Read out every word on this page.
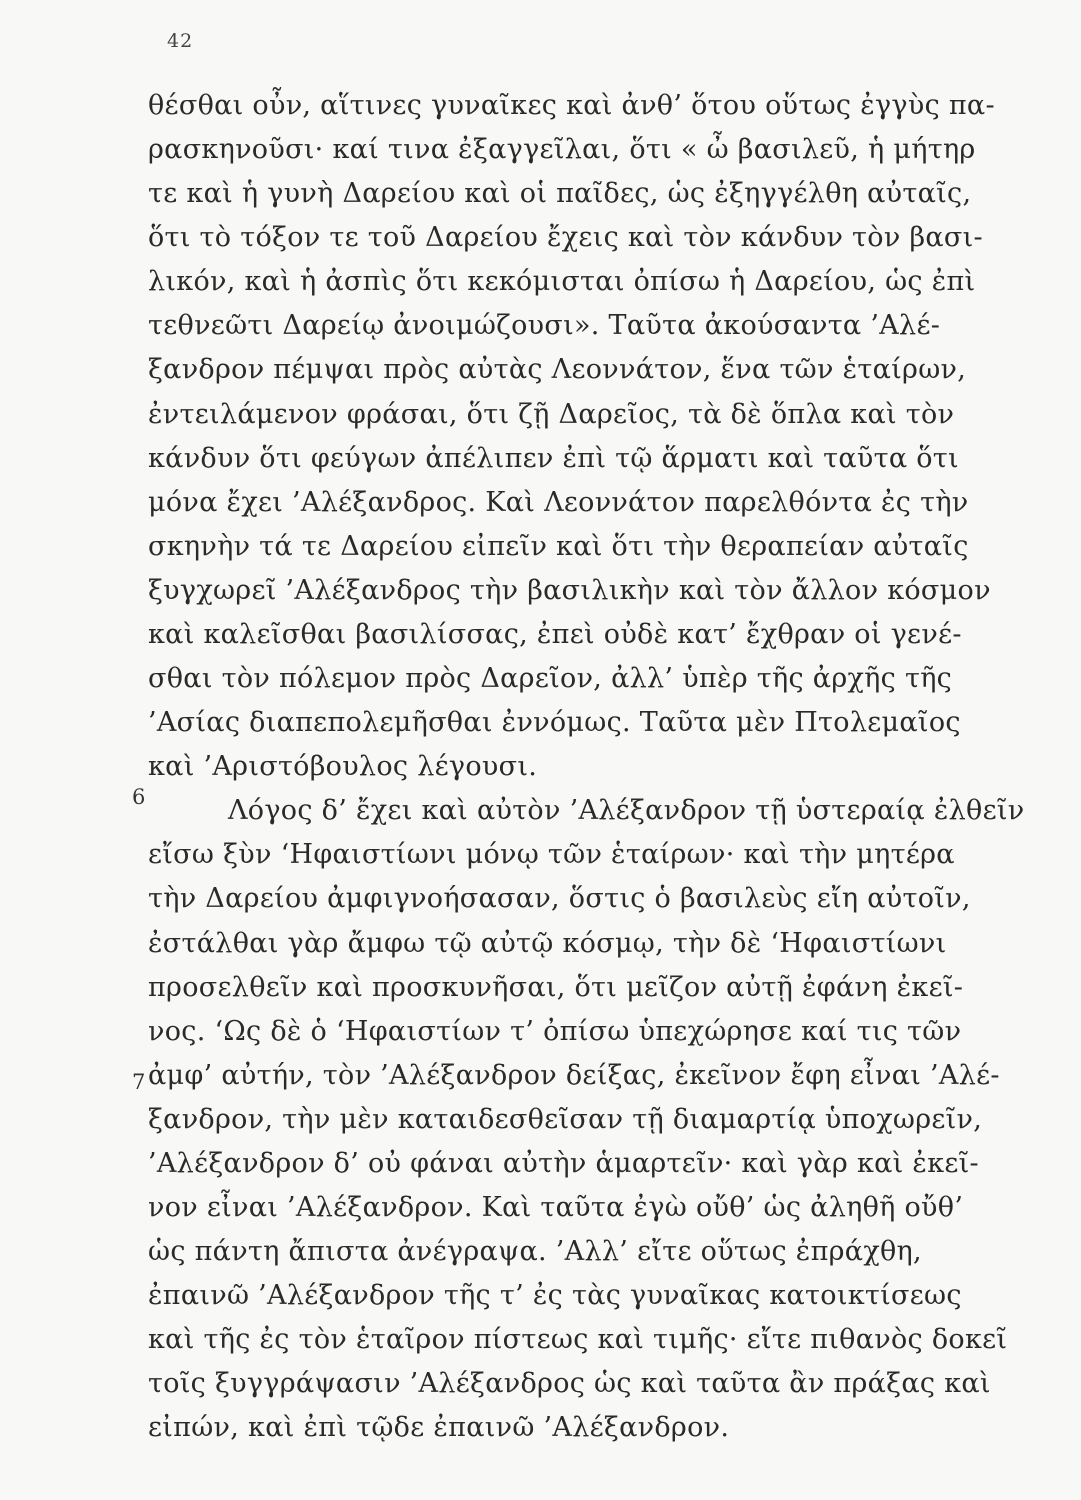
42
6
7
θέσθαι οὖν, αἵτινες γυναῖκες καὶ ἀνθ’ ὅτου οὕτως ἐγγὺς πα-
ρασκηνοῦσι· καί τινα ἐξαγγεῖλαι, ὅτι « ὦ βασιλεῦ, ἡ μήτηρ
τε καὶ ἡ γυνὴ Δαρείου καὶ οἱ παῖδες, ὡς ἐξηγγέλθη αὐταῖς,
ὅτι τὸ τόξον τε τοῦ Δαρείου ἔχεις καὶ τὸν κάνδυν τὸν βασι-
λικόν, καὶ ἡ ἀσπὶς ὅτι κεκόμισται ὀπίσω ἡ Δαρείου, ὡς ἐπὶ
τεθνεῶτι Δαρείῳ ἀνοιμώζουσι». Ταῦτα ἀκούσαντα ’Αλέ-
ξανδρον πέμψαι πρὸς αὐτὰς Λεοννάτον, ἕνα τῶν ἑταίρων,
ἐντειλάμενον φράσαι, ὅτι ζῇ Δαρεῖος, τὰ δὲ ὅπλα καὶ τὸν
κάνδυν ὅτι φεύγων ἀπέλιπεν ἐπὶ τῷ ἅρματι καὶ ταῦτα ὅτι
μόνα ἔχει ’Αλέξανδρος. Καὶ Λεοννάτον παρελθόντα ἐς τὴν
σκηνὴν τά τε Δαρείου εἰπεῖν καὶ ὅτι τὴν θεραπείαν αὐταῖς
ξυγχωρεῖ ’Αλέξανδρος τὴν βασιλικὴν καὶ τὸν ἄλλον κόσμον
καὶ καλεῖσθαι βασιλίσσας, ἐπεὶ οὐδὲ κατ’ ἔχθραν οἱ γενέ-
σθαι τὸν πόλεμον πρὸς Δαρεῖον, ἀλλ’ ὑπὲρ τῆς ἀρχῆς τῆς
’Ασίας διαπεπολεμῆσθαι ἐννόμως. Ταῦτα μὲν Πτολεμαῖος
καὶ ’Αριστόβουλος λέγουσι.
Λόγος δ’ ἔχει καὶ αὐτὸν ’Αλέξανδρον τῇ ὑστεραίᾳ ἐλθεῖν
εἴσω ξὺν ‘Ηφαιστίωνι μόνῳ τῶν ἑταίρων· καὶ τὴν μητέρα
τὴν Δαρείου ἀμφιγνοήσασαν, ὅστις ὁ βασιλεὺς εἴη αὐτοῖν,
ἐστάλθαι γὰρ ἄμφω τῷ αὐτῷ κόσμῳ, τὴν δὲ ‘Ηφαιστίωνι
προσελθεῖν καὶ προσκυνῆσαι, ὅτι μεῖζον αὐτῇ ἐφάνη ἐκεῖ-
νος. ‘Ως δὲ ὁ ‘Ηφαιστίων τ’ ὀπίσω ὑπεχώρησε καί τις τῶν
ἀμφ’ αὐτήν, τὸν ’Αλέξανδρον δείξας, ἐκεῖνον ἔφη εἶναι ’Αλέ-
ξανδρον, τὴν μὲν καταιδεσθεῖσαν τῇ διαμαρτίᾳ ὑποχωρεῖν,
’Αλέξανδρον δ’ οὐ φάναι αὐτὴν ἁμαρτεῖν· καὶ γὰρ καὶ ἐκεῖ-
νον εἶναι ’Αλέξανδρον. Καὶ ταῦτα ἐγὼ οὔθ’ ὡς ἀληθῆ οὔθ’
ὡς πάντη ἄπιστα ἀνέγραψα. ’Αλλ’ εἴτε οὕτως ἐπράχθη,
ἐπαινῶ ’Αλέξανδρον τῆς τ’ ἐς τὰς γυναῖκας κατοικτίσεως
καὶ τῆς ἐς τὸν ἑταῖρον πίστεως καὶ τιμῆς· εἴτε πιθανὸς δοκεῖ
τοῖς ξυγγράψασιν ’Αλέξανδρος ὡς καὶ ταῦτα ἂν πράξας καὶ
εἰπών, καὶ ἐπὶ τῷδε ἐπαινῶ ’Αλέξανδρον.
